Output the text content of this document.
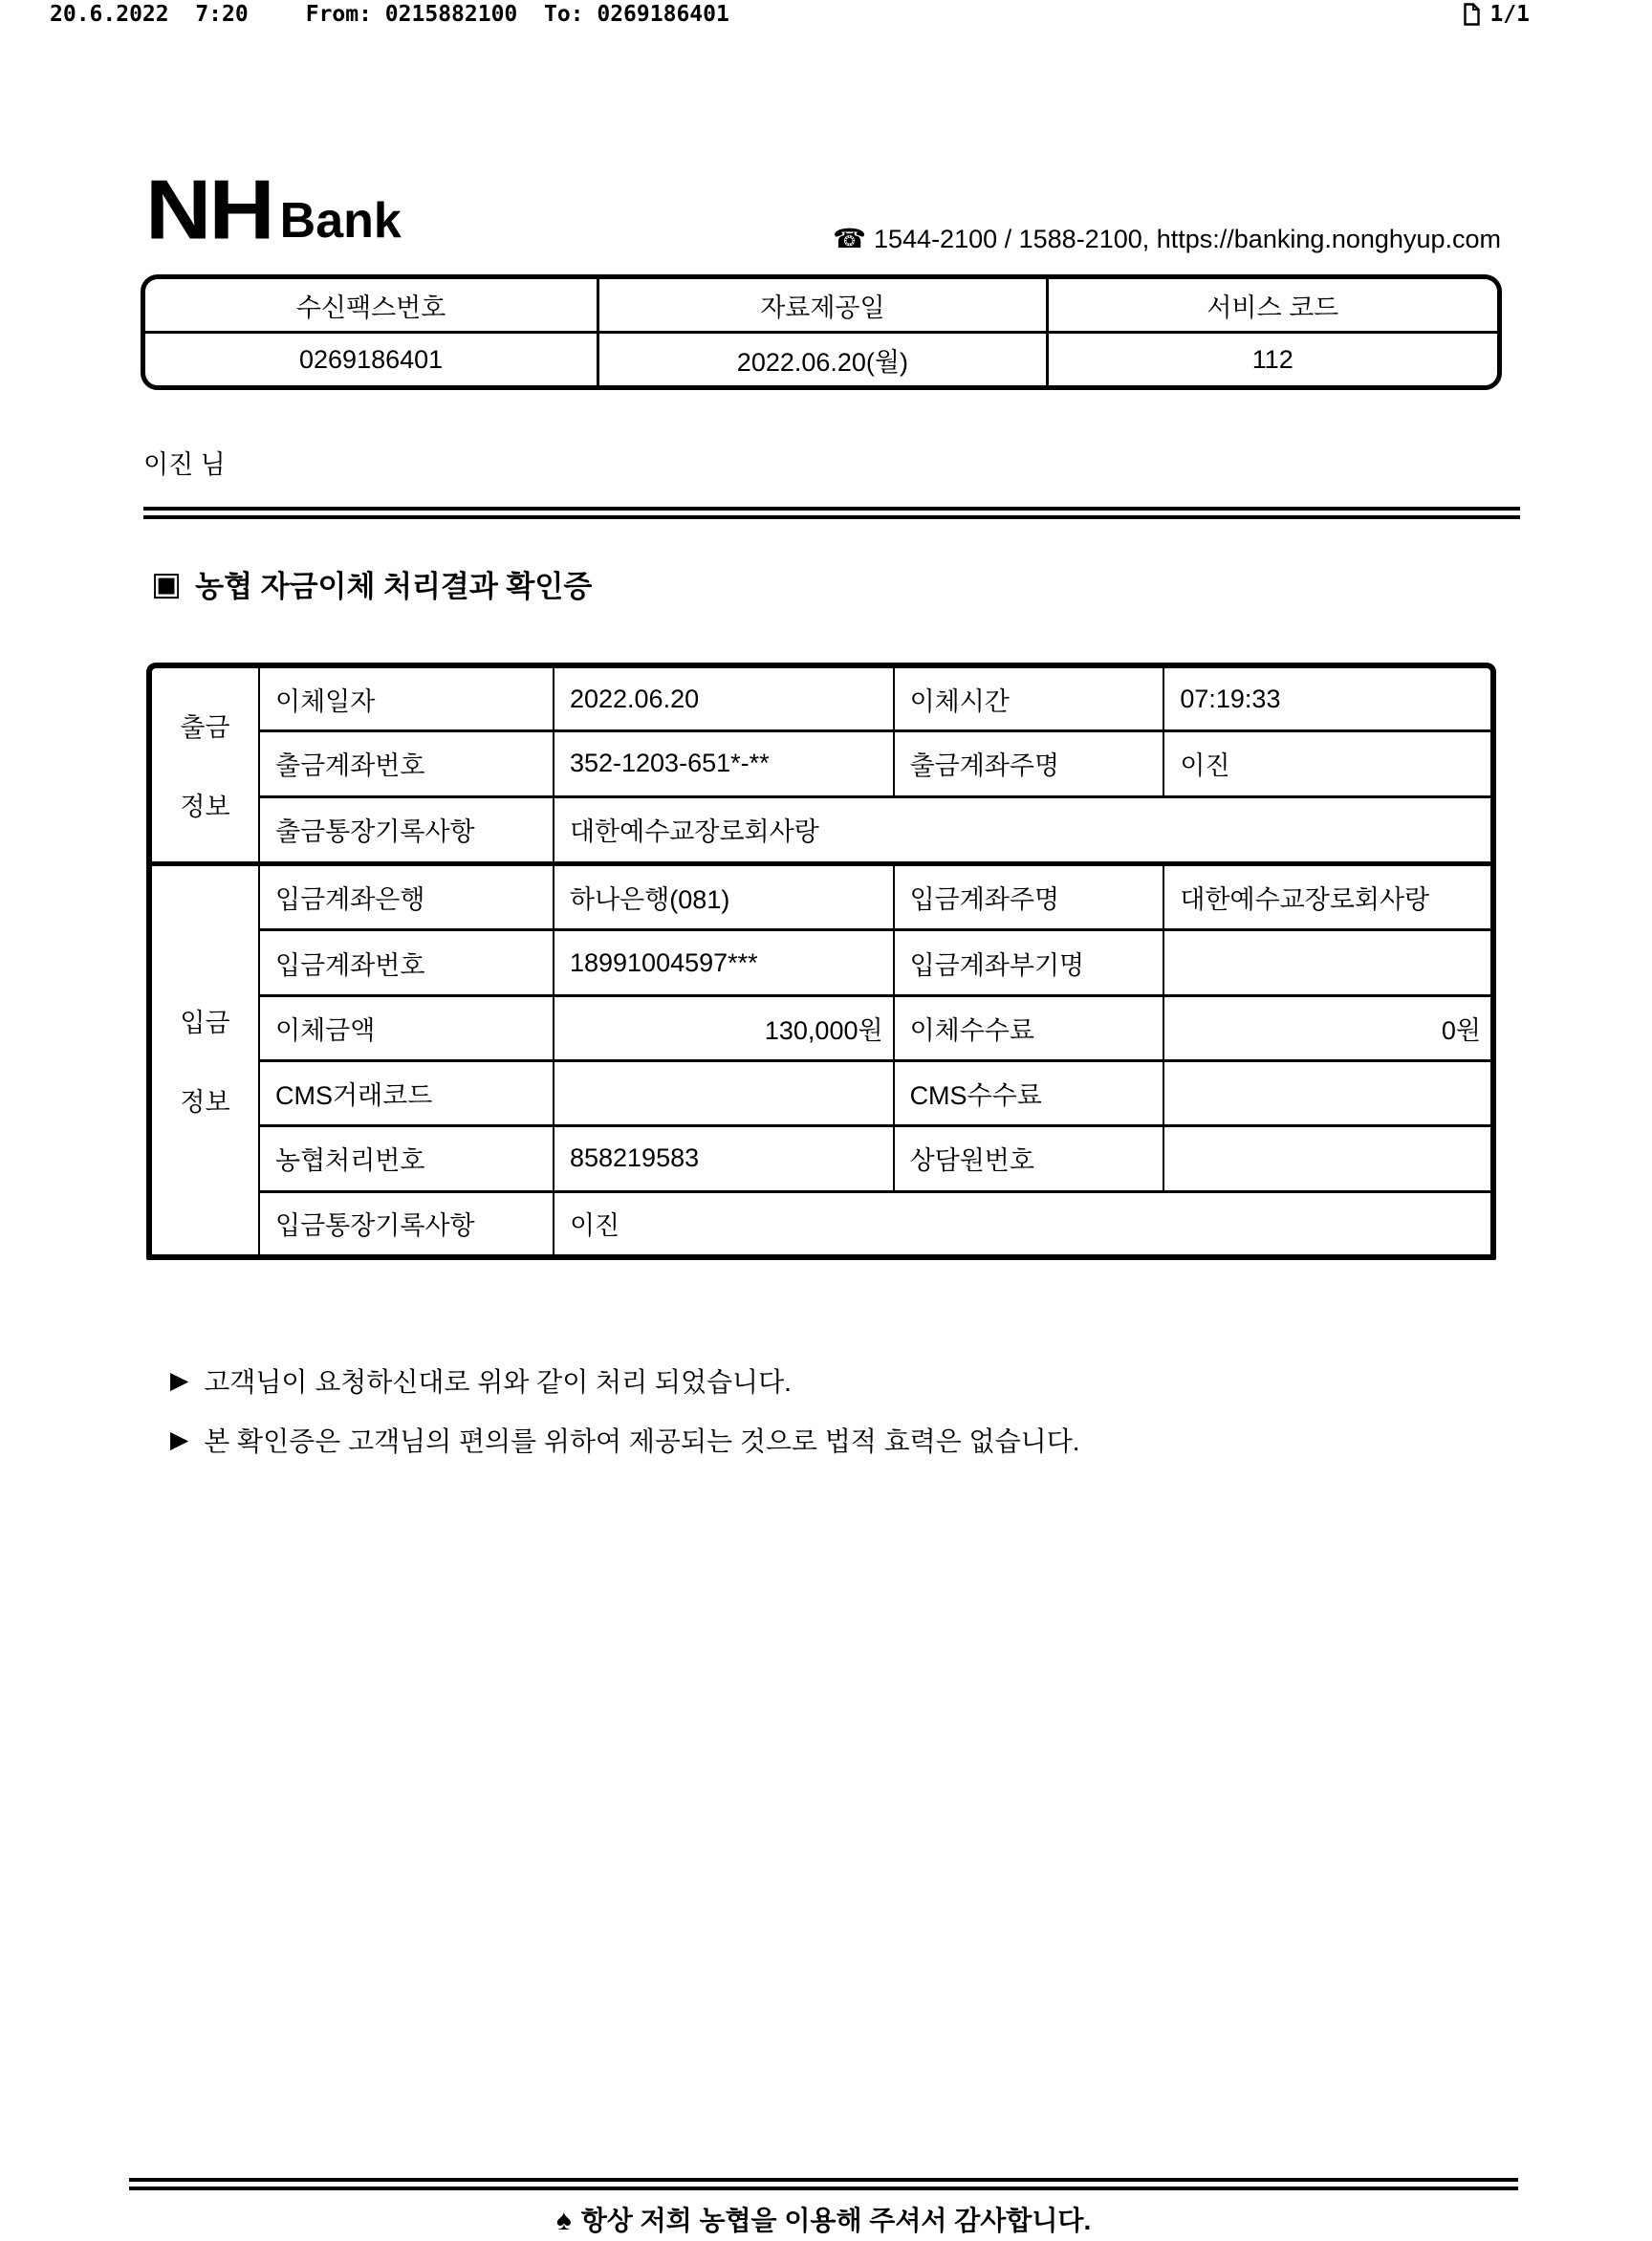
20.6.2022  7:20	From: 0215882100  To: 0269186401	1/1
NH Bank	☎ 1544-2100 / 1588-2100, https://banking.nonghyup.com
수신팩스번호	자료제공일	서비스 코드
0269186401	2022.06.20(월)	112
이진 님
▣ 농협 자금이체 처리결과 확인증
출금
정보	이체일자	2022.06.20	이체시간	07:19:33
	출금계좌번호	352-1203-651*-**	출금계좌주명	이진
	출금통장기록사항	대한예수교장로회사랑		

입금
정보	입금계좌은행	하나은행(081)	입금계좌주명	대한예수교장로회사랑
	입금계좌번호	18991004597***	입금계좌부기명	
	이체금액	130,000원	이체수수료	0원
	CMS거래코드		CMS수수료	
	농협처리번호	858219583	상담원번호	
	입금통장기록사항	이진		
▶ 고객님이 요청하신대로 위와 같이 처리 되었습니다.
▶ 본 확인증은 고객님의 편의를 위하여 제공되는 것으로 법적 효력은 없습니다.
♠ 항상 저희 농협을 이용해 주셔서 감사합니다.
